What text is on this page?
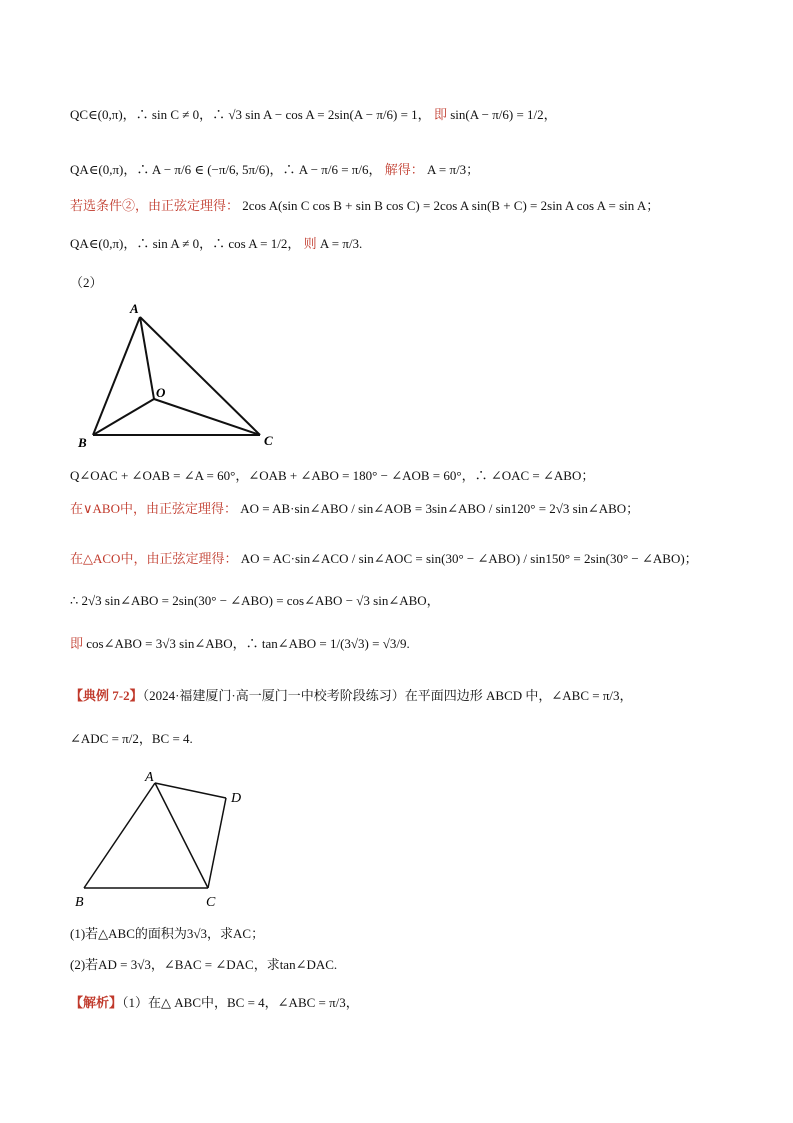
QC∈(0,π)，∴ sin C ≠ 0，∴ √3 sin A − cos A = 2sin(A − π/6) = 1， 即 sin(A − π/6) = 1/2，
QA∈(0,π)，∴ A − π/6 ∈ (−π/6, 5π/6)，∴ A − π/6 = π/6， 解得： A = π/3；
若选条件②，由正弦定理得： 2cos A(sin C cos B + sin B cos C) = 2cos A sin(B + C) = 2sin A cos A = sin A；
QA∈(0,π)，∴ sin A ≠ 0，∴ cos A = 1/2， 则 A = π/3.
（2）
A
B	C
O
Q∠OAC + ∠OAB = ∠A = 60°，∠OAB + ∠ABO = 180° − ∠AOB = 60°，∴ ∠OAC = ∠ABO；
在∨ABO中，由正弦定理得： AO = AB·sin∠ABO / sin∠AOB = 3sin∠ABO / sin120° = 2√3 sin∠ABO；
在△ACO中，由正弦定理得： AO = AC·sin∠ACO / sin∠AOC = sin(30° − ∠ABO) / sin150° = 2sin(30° − ∠ABO)；
∴ 2√3 sin∠ABO = 2sin(30° − ∠ABO) = cos∠ABO − √3 sin∠ABO，
即 cos∠ABO = 3√3 sin∠ABO，∴ tan∠ABO = 1/(3√3) = √3/9.
【典例 7-2】（2024·福建厦门·高一厦门一中校考阶段练习）在平面四边形 ABCD 中，∠ABC = π/3，
∠ADC = π/2，BC = 4.
A
B	C
D
(1)若△ABC的面积为3√3，求AC；
(2)若AD = 3√3，∠BAC = ∠DAC，求tan∠DAC.
【解析】（1）在△ ABC中，BC = 4，∠ABC = π/3，
